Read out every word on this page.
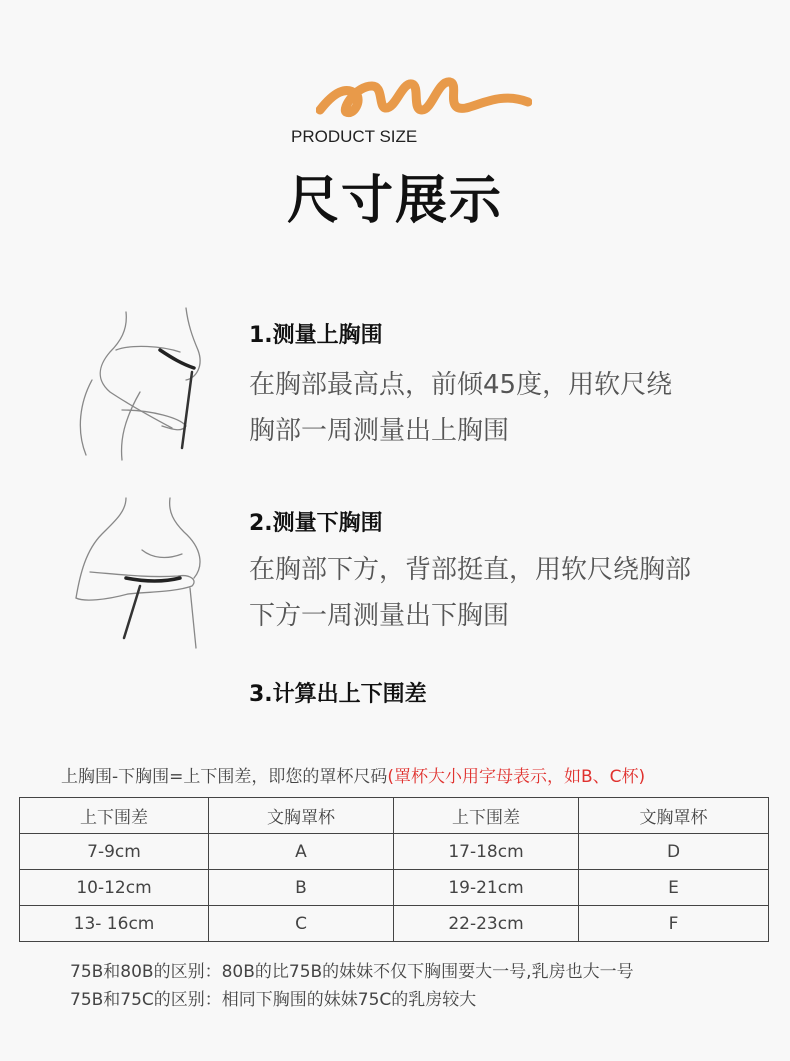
PRODUCT SIZE
尺寸展示
1.测量上胸围
在胸部最高点，前倾45度，用软尺绕
胸部一周测量出上胸围
2.测量下胸围
在胸部下方，背部挺直，用软尺绕胸部
下方一周测量出下胸围
3.计算出上下围差
上胸围-下胸围=上下围差，即您的罩杯尺码(罩杯大小用字母表示，如B、C杯)
上下围差	文胸罩杯	上下围差	文胸罩杯
7-9cm	A	17-18cm	D
10-12cm	B	19-21cm	E
13- 16cm	C	22-23cm	F
75B和80B的区别：80B的比75B的妹妹不仅下胸围要大一号,乳房也大一号
75B和75C的区别：相同下胸围的妹妹75C的乳房较大
